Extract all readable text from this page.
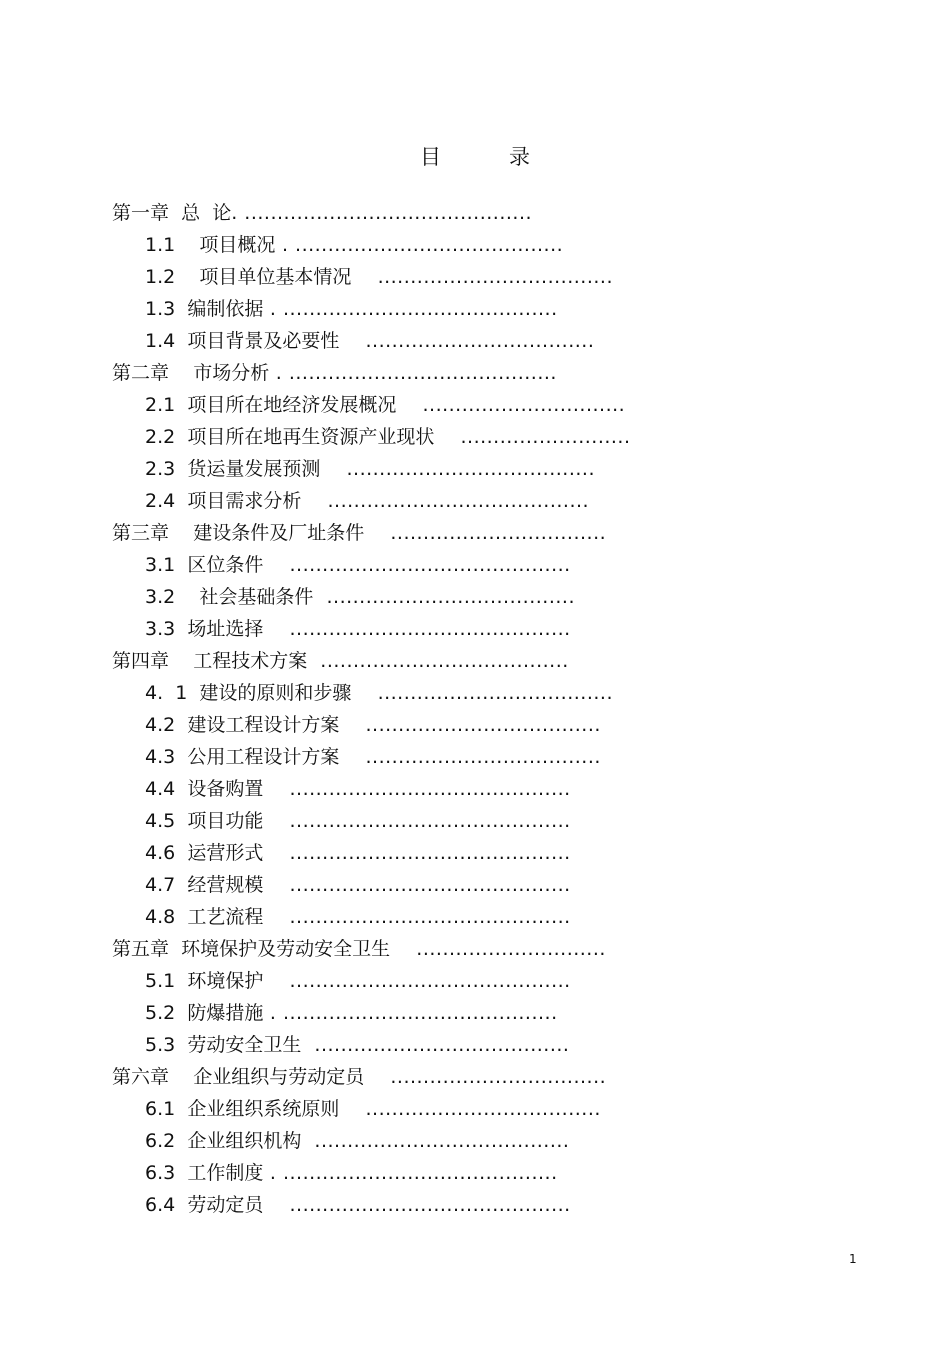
目	录
第一章 总  论. ............................................
1.1 项目概况 . .........................................
1.2 项目单位基本情况    ....................................
1.3 编制依据 . ..........................................
1.4 项目背景及必要性    ...................................
第二章 市场分析 . .........................................
2.1 项目所在地经济发展概况    ...............................
2.2 项目所在地再生资源产业现状    ..........................
2.3 货运量发展预测    ......................................
2.4 项目需求分析    ........................................
第三章 建设条件及厂址条件    .................................
3.1 区位条件    ...........................................
3.2 社会基础条件  ......................................
3.3 场址选择    ...........................................
第四章 工程技术方案  ......................................
4.  1 建设的原则和步骤    ....................................
4.2 建设工程设计方案    ....................................
4.3 公用工程设计方案    ....................................
4.4 设备购置    ...........................................
4.5 项目功能    ...........................................
4.6 运营形式    ...........................................
4.7 经营规模    ...........................................
4.8 工艺流程    ...........................................
第五章 环境保护及劳动安全卫生    .............................
5.1 环境保护    ...........................................
5.2 防爆措施 . ..........................................
5.3 劳动安全卫生  .......................................
第六章 企业组织与劳动定员    .................................
6.1 企业组织系统原则    ....................................
6.2 企业组织机构  .......................................
6.3 工作制度 . ..........................................
6.4 劳动定员    ...........................................
1
